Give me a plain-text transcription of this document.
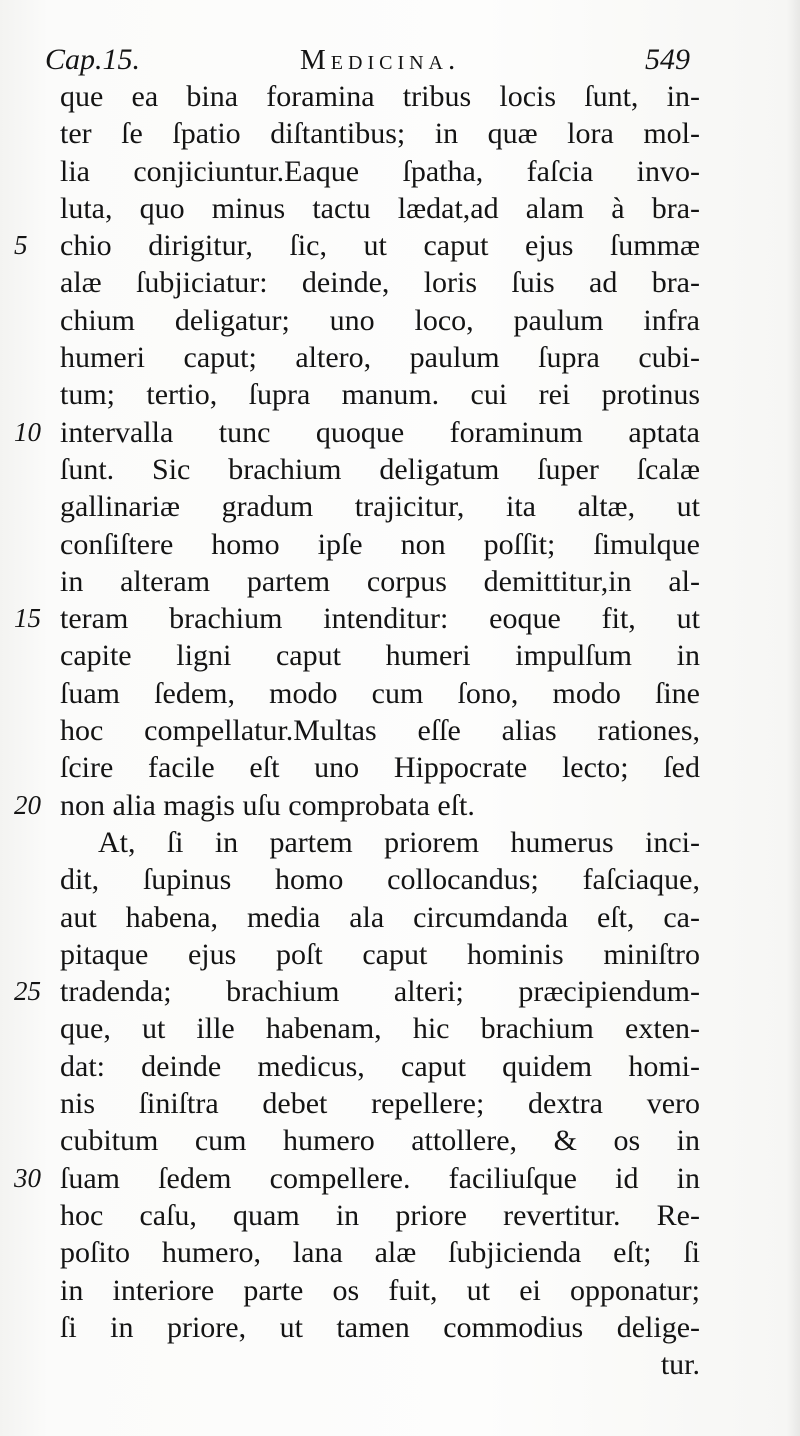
Cap.15.	Medicina.	549
que ea bina foramina tribus locis ſunt, in-
ter ſe ſpatio diſtantibus; in quæ lora mol-
lia conjiciuntur.Eaque ſpatha, faſcia invo-
luta, quo minus tactu lædat,ad alam à bra-
5	chio dirigitur, ſic, ut caput ejus ſummæ
alæ ſubjiciatur: deinde, loris ſuis ad bra-
chium deligatur; uno loco, paulum infra
humeri caput; altero, paulum ſupra cubi-
tum; tertio, ſupra manum. cui rei protinus
10 intervalla tunc quoque foraminum aptata
ſunt. Sic brachium deligatum ſuper ſcalæ
gallinariæ gradum trajicitur, ita altæ, ut
conſiſtere homo ipſe non poſſit; ſimulque
in alteram partem corpus demittitur,in al-
15 teram brachium intenditur: eoque fit, ut
capite ligni caput humeri impulſum in
ſuam ſedem, modo cum ſono, modo ſine
hoc compellatur.Multas eſſe alias rationes,
ſcire facile eſt uno Hippocrate lecto; ſed
20 non alia magis uſu comprobata eſt.
At, ſi in partem priorem humerus inci-
dit, ſupinus homo collocandus; faſciaque,
aut habena, media ala circumdanda eſt, ca-
pitaque ejus poſt caput hominis miniſtro
25 tradenda; brachium alteri; præcipiendum-
que, ut ille habenam, hic brachium exten-
dat: deinde medicus, caput quidem homi-
nis ſiniſtra debet repellere; dextra vero
cubitum cum humero attollere, & os in
30 ſuam ſedem compellere. faciliuſque id in
hoc caſu, quam in priore revertitur. Re-
poſito humero, lana alæ ſubjicienda eſt; ſi
in interiore parte os fuit, ut ei opponatur;
ſi in priore, ut tamen commodius delige-
tur.
